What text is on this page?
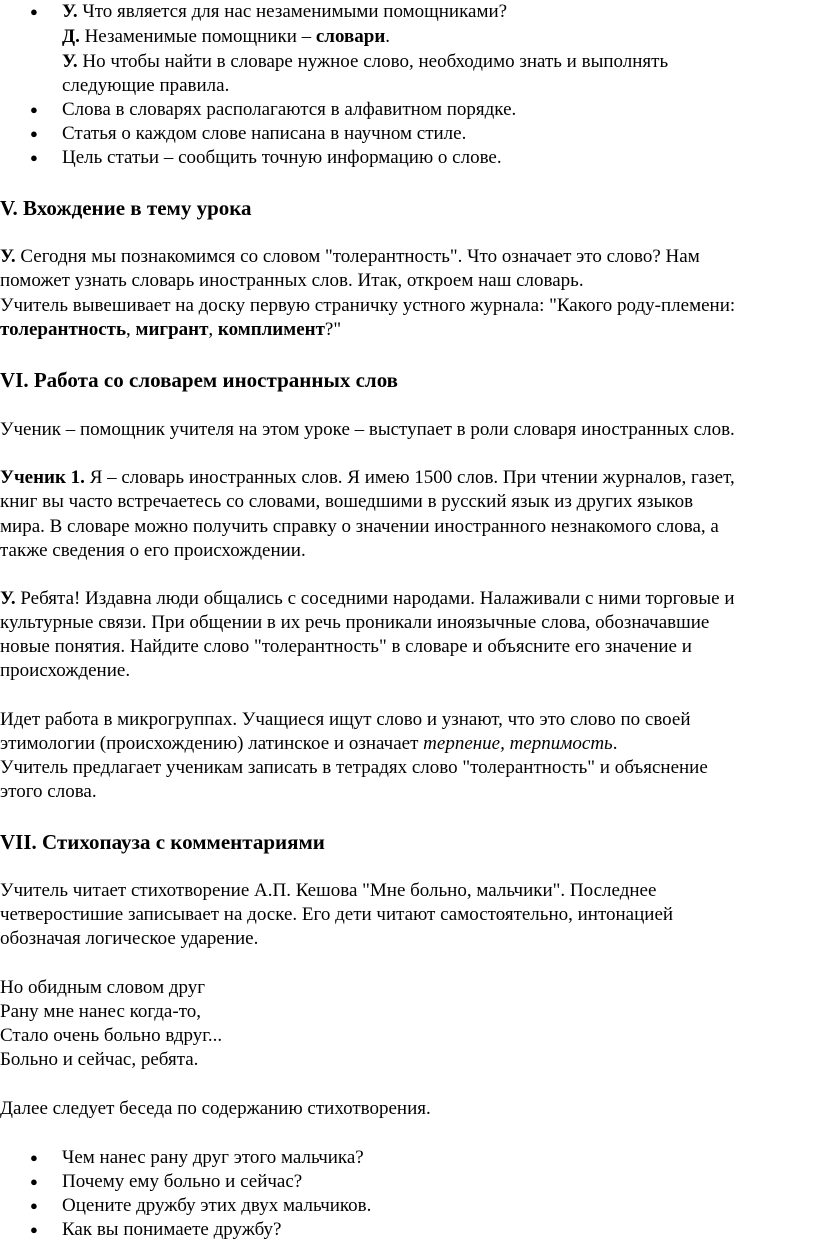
● У. Что является для нас незаменимыми помощниками?
Д. Незаменимые помощники – словари.
У. Но чтобы найти в словаре нужное слово, необходимо знать и выполнять
следующие правила.
● Слова в словарях располагаются в алфавитном порядке.
● Статья о каждом слове написана в научном стиле.
● Цель статьи – сообщить точную информацию о слове.
V. Вхождение в тему урока
У. Сегодня мы познакомимся со словом "толерантность". Что означает это слово? Нам
поможет узнать словарь иностранных слов. Итак, откроем наш словарь.
Учитель вывешивает на доску первую страничку устного журнала: "Какого роду-племени:
толерантность, мигрант, комплимент?"
VI. Работа со словарем иностранных слов
Ученик – помощник учителя на этом уроке – выступает в роли словаря иностранных слов.
Ученик 1. Я – словарь иностранных слов. Я имею 1500 слов. При чтении журналов, газет,
книг вы часто встречаетесь со словами, вошедшими в русский язык из других языков
мира. В словаре можно получить справку о значении иностранного незнакомого слова, а
также сведения о его происхождении.
У. Ребята! Издавна люди общались с соседними народами. Налаживали с ними торговые и
культурные связи. При общении в их речь проникали иноязычные слова, обозначавшие
новые понятия. Найдите слово "толерантность" в словаре и объясните его значение и
происхождение.
Идет работа в микрогруппах. Учащиеся ищут слово и узнают, что это слово по своей
этимологии (происхождению) латинское и означает терпение, терпимость.
Учитель предлагает ученикам записать в тетрадях слово "толерантность" и объяснение
этого слова.
VII. Стихопауза с комментариями
Учитель читает стихотворение А.П. Кешова "Мне больно, мальчики". Последнее
четверостишие записывает на доске. Его дети читают самостоятельно, интонацией
обозначая логическое ударение.
Но обидным словом друг
Рану мне нанес когда-то,
Стало очень больно вдруг...
Больно и сейчас, ребята.
Далее следует беседа по содержанию стихотворения.
● Чем нанес рану друг этого мальчика?
● Почему ему больно и сейчас?
● Оцените дружбу этих двух мальчиков.
● Как вы понимаете дружбу?
